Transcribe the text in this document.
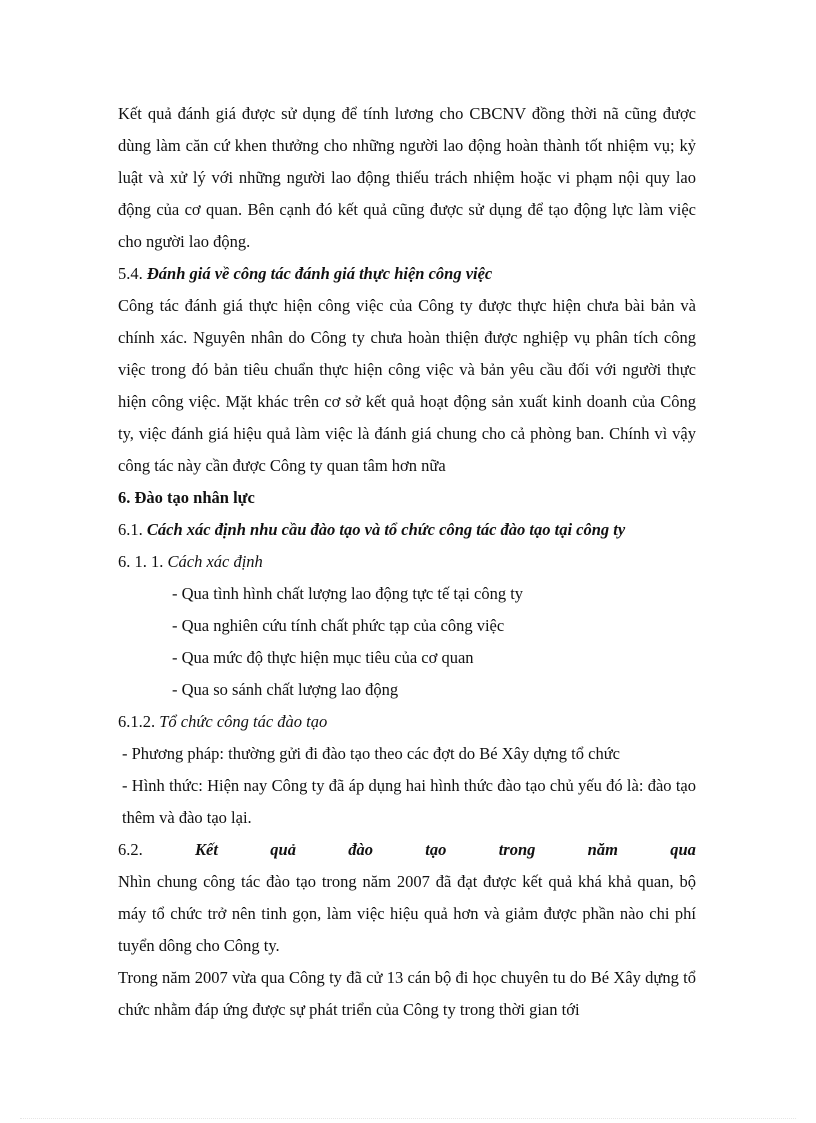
Kết quả đánh giá được sử dụng để tính lương cho CBCNV đồng thời nã cũng được dùng làm căn cứ khen thưởng cho những người lao động hoàn thành tốt nhiệm vụ; kỷ luật và xử lý với những người lao động thiếu trách nhiệm hoặc vi phạm nội quy lao động của cơ quan. Bên cạnh đó kết quả cũng được sử dụng để tạo động lực làm việc cho người lao động.

5.4. Đánh giá về công tác đánh giá thực hiện công việc

Công tác đánh giá thực hiện công việc của Công ty được thực hiện chưa bài bản và chính xác. Nguyên nhân do Công ty chưa hoàn thiện được nghiệp vụ phân tích công việc trong đó bản tiêu chuẩn thực hiện công việc và bản yêu cầu đối với người thực hiện công việc. Mặt khác trên cơ sở kết quả hoạt động sản xuất kinh doanh của Công ty, việc đánh giá hiệu quả làm việc là đánh giá chung cho cả phòng ban. Chính vì vậy công tác này cần được Công ty quan tâm hơn nữa

6. Đào tạo nhân lực

6.1. Cách xác định nhu cầu đào tạo và tổ chức công tác đào tạo tại công ty

6. 1. 1. Cách xác định

- Qua tình hình chất lượng lao động tực tế tại công ty

- Qua nghiên cứu tính chất phức tạp của công việc

- Qua mức độ thực hiện mục tiêu của cơ quan

- Qua so sánh chất lượng lao động

6.1.2. Tổ chức công tác đào tạo

- Phương pháp: thường gửi đi đào tạo theo các đợt do Bé Xây dựng tổ chức

- Hình thức: Hiện nay Công ty đã áp dụng hai hình thức đào tạo chủ yếu đó là: đào tạo thêm và đào tạo lại.

6.2.	Kết	quả	đào	tạo	trong	năm	qua

Nhìn chung công tác đào tạo trong năm 2007 đã đạt được kết quả khá khả quan, bộ máy tổ chức trở nên tinh gọn, làm việc hiệu quả hơn và giảm được phần nào chi phí tuyển dông cho Công ty.

Trong năm 2007 vừa qua Công ty đã cử 13 cán bộ đi học chuyên tu do Bé Xây dựng tổ chức nhằm đáp ứng được sự phát triển của Công ty trong thời gian tới
